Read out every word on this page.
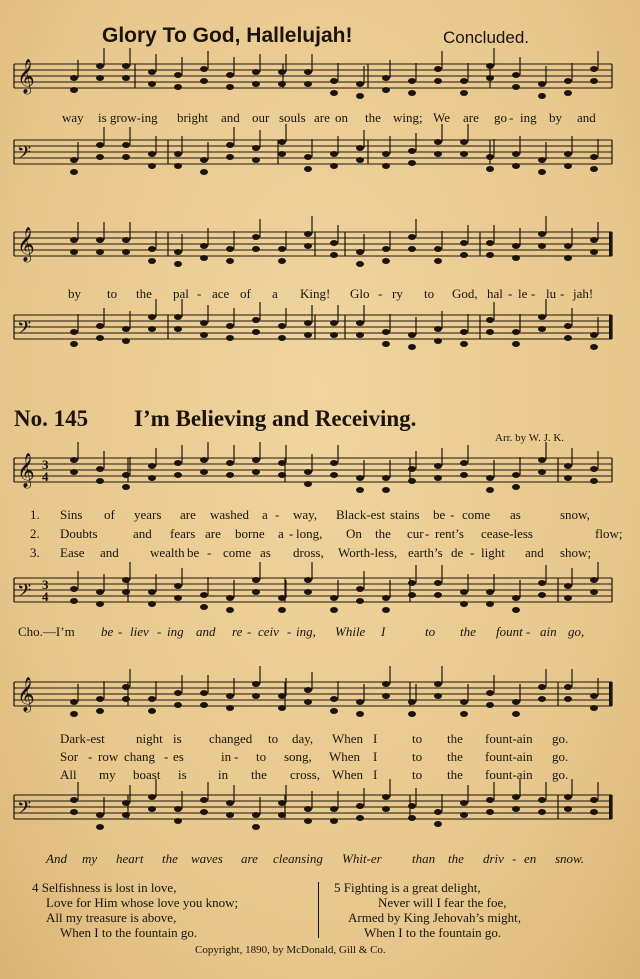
Glory To God, Hallelujah!	Concluded.
𝄞
𝄢
𝄞
𝄢
𝄞
𝄢
𝄞
𝄢
3
4
3
4
way is grow-ing bright and our souls are on the wing; We are go - ing by and
by to the pal - ace of a King! Glo - ry to God, hal - le - lu - jah!
No. 145 I’m Believing and Receiving.
Arr. by W. J. K.
1. Sins of years are washed a - way, Black-est stains be - come as	snow,
2. Doubts	and fears are borne a - long, On the cur - rent’s cease-less	flow;
3. Ease and wealth be - come as dross, Worth-less, earth’s de - light and show;
Cho.—I’m be - liev - ing and re - ceiv - ing, While I	to the fount - ain go,
Dark-est night is changed to day, When I	to the fount-ain go.
Sor - row chang - es	in - to song, When I	to the fount-ain go.
All my boast is in the cross, When I	to the fount-ain go.
And my heart the waves are cleansing Whit-er than the driv - en snow.
4 Selfishness is lost in love,
Love for Him whose love you know;
All my treasure is above,
When I to the fountain go.
5 Fighting is a great delight,
Never will I fear the foe,
Armed by King Jehovah’s might,
When I to the fountain go.
Copyright, 1890, by McDonald, Gill & Co.
